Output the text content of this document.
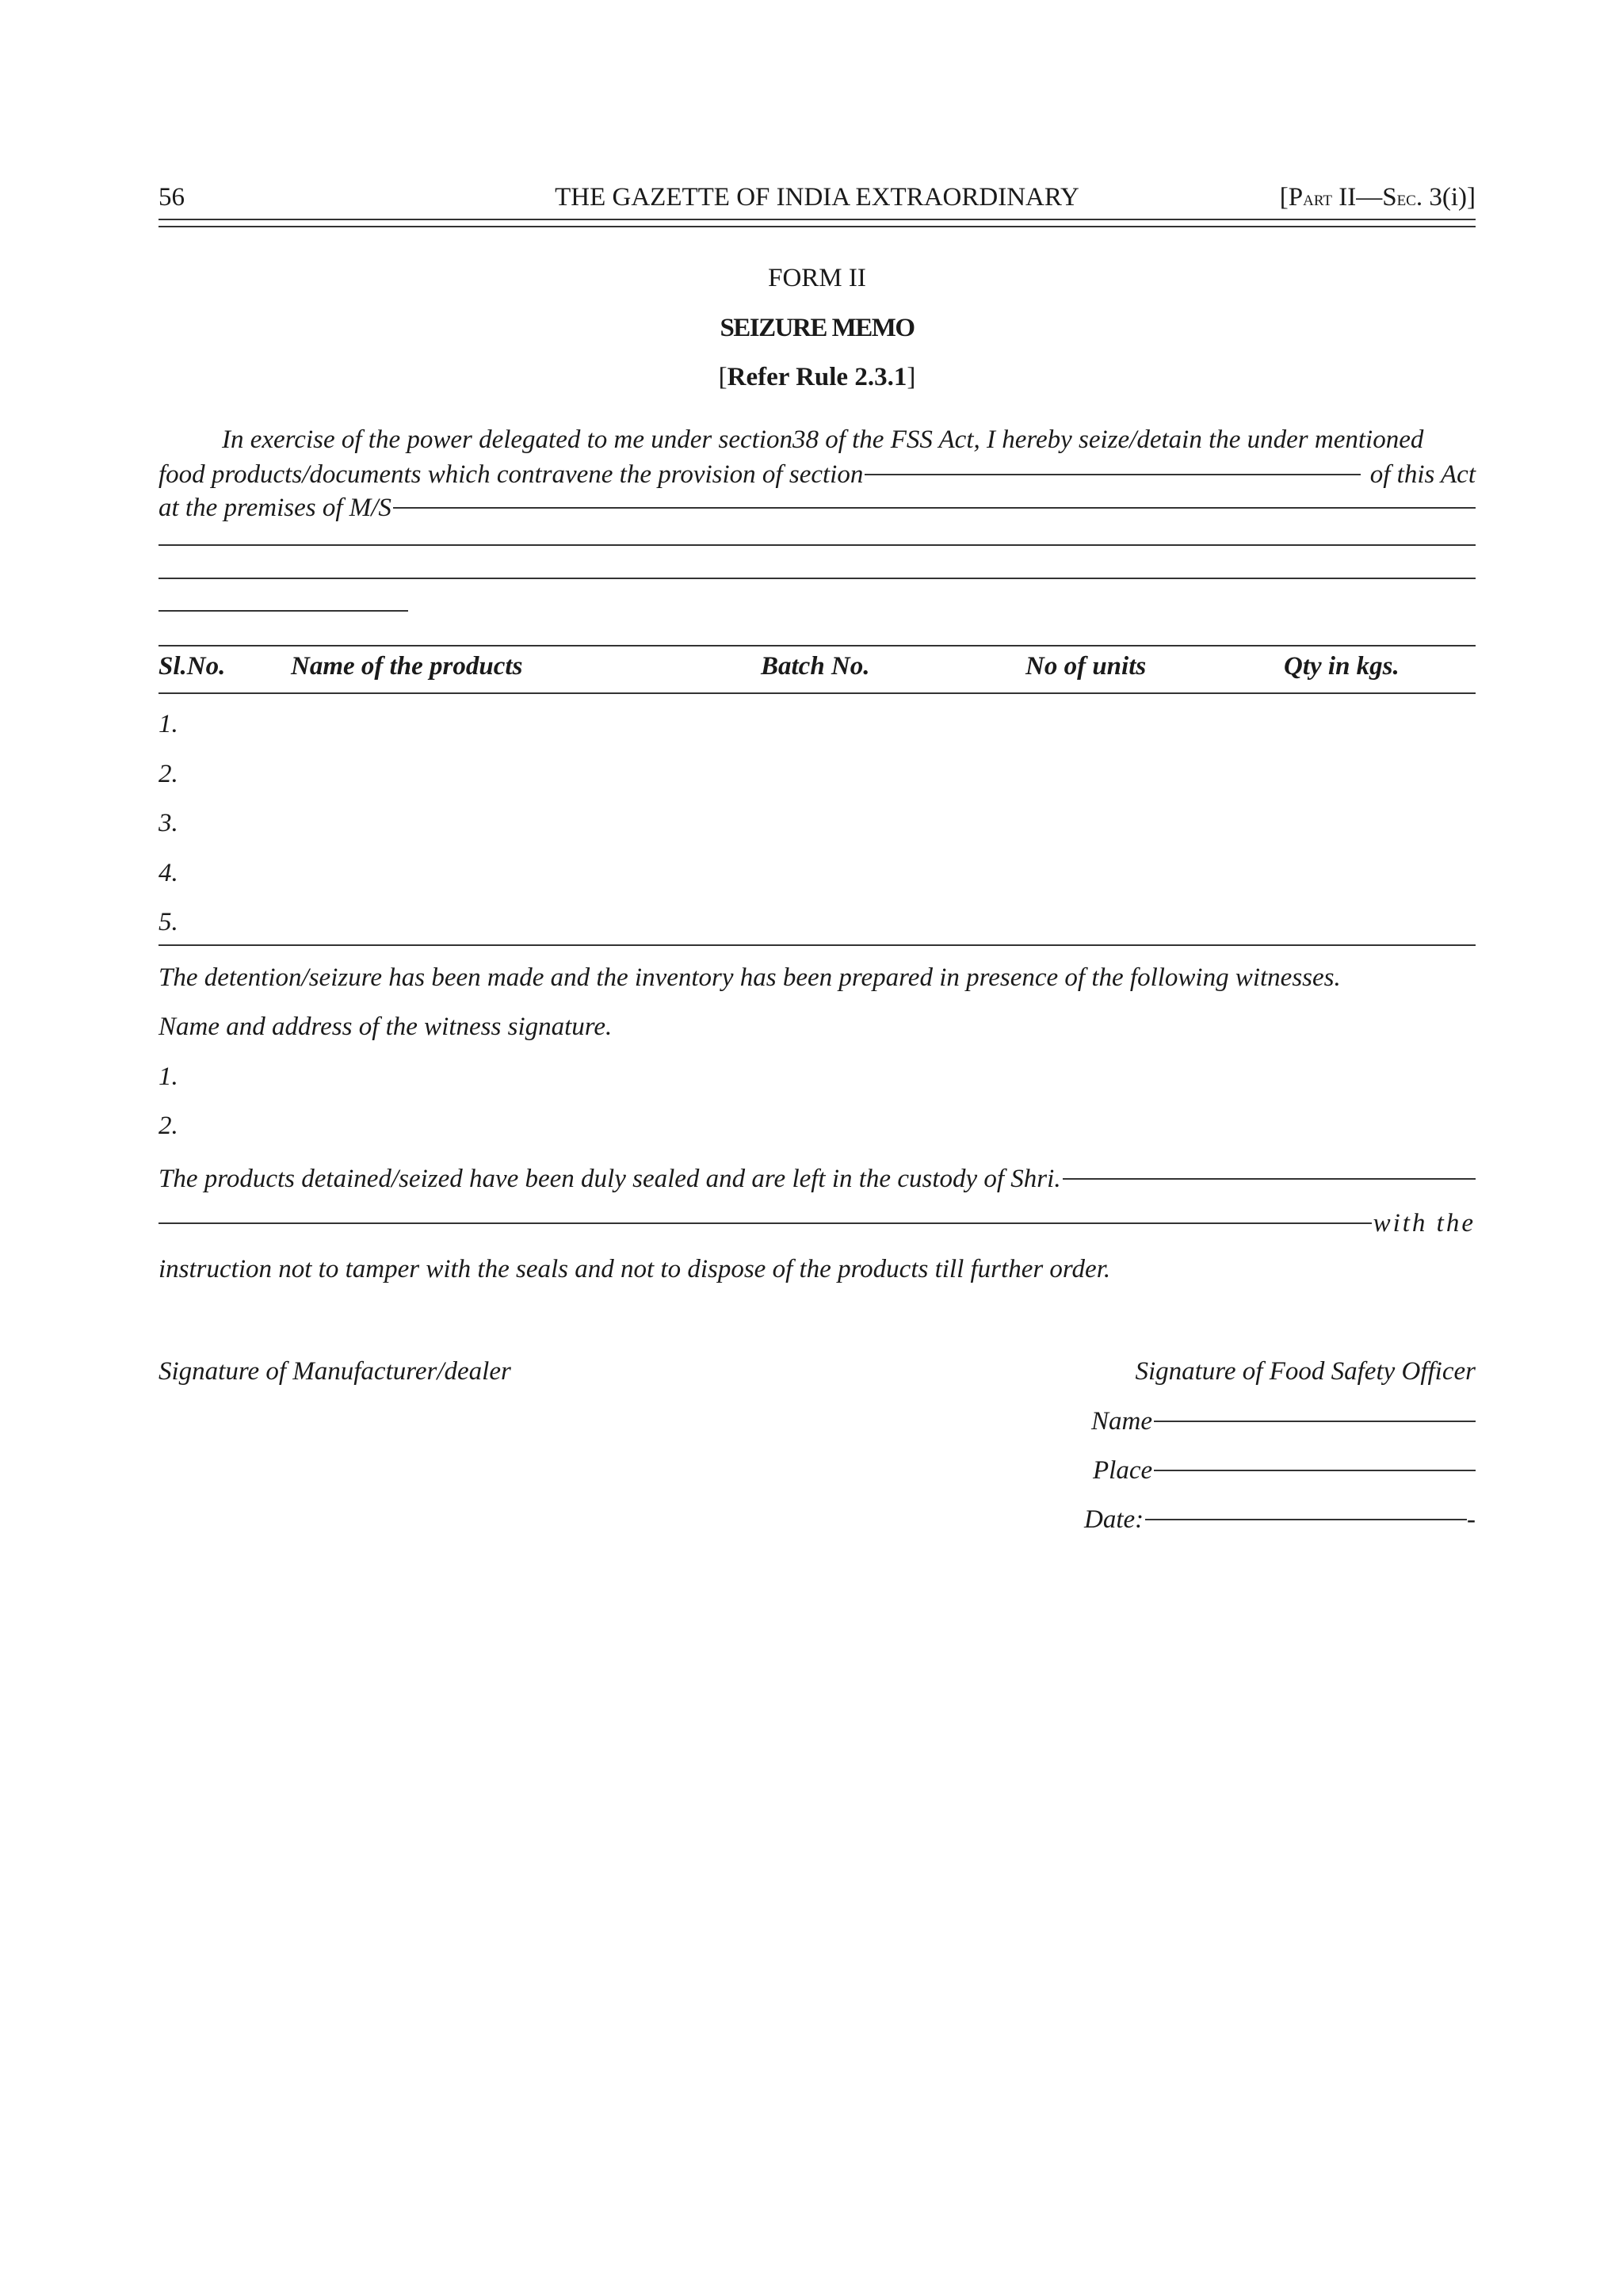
56	THE GAZETTE OF INDIA EXTRAORDINARY	[Part II—Sec. 3(i)]
FORM II
SEIZURE MEMO
[Refer Rule 2.3.1]
In exercise of the power delegated to me under section38 of the FSS Act, I hereby seize/detain the under mentioned
food products/documents which contravene the provision of section	of this Act
at the premises of M/S
Sl.No.	Name of the products	Batch No.	No of units	Qty in kgs.
1.
2.
3.
4.
5.
The detention/seizure has been made and the inventory has been prepared in presence of the following witnesses.
Name and address of the witness signature.
1.
2.
The products detained/seized have been duly sealed and are left in the custody of Shri.
with the
instruction not to tamper with the seals and not to dispose of the products till further order.
Signature of Manufacturer/dealer	Signature of Food Safety Officer
Name
Place
Date:	-
